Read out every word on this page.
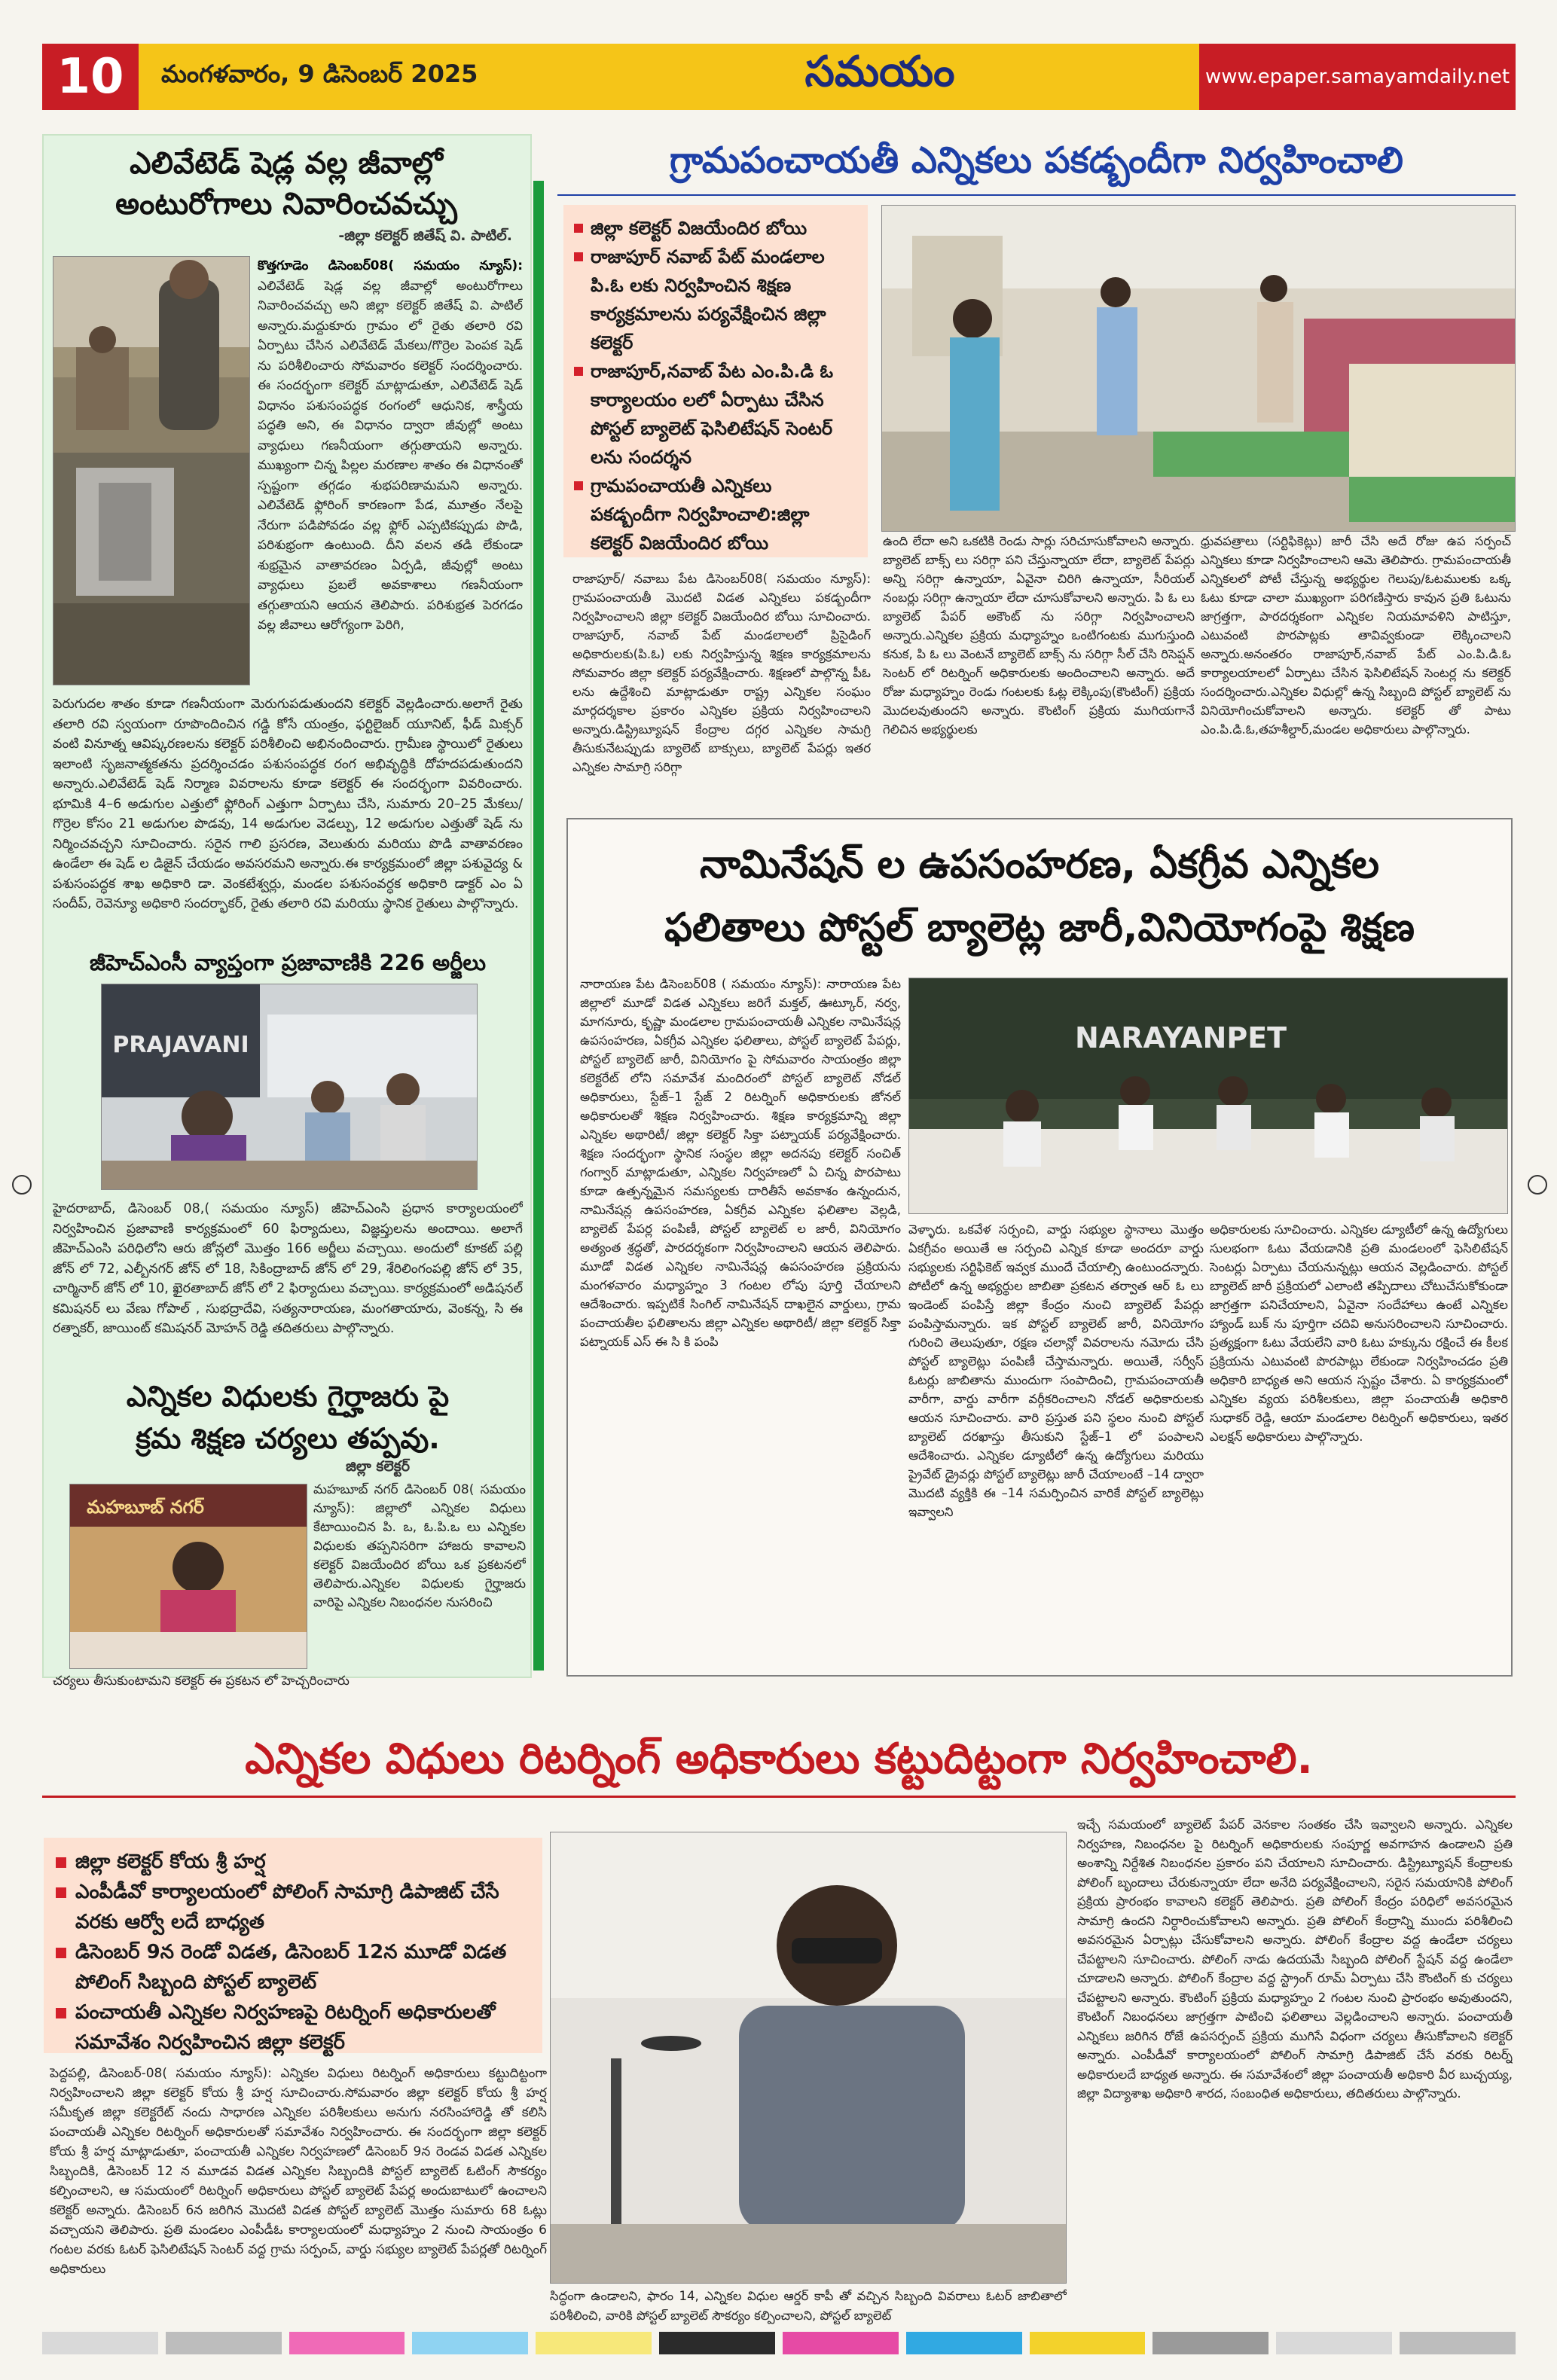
10	మంగళవారం, 9 డిసెంబర్ 2025	సమయం	www.epaper.samayamdaily.net
ఎలివేటెడ్ షెడ్ల వల్ల జీవాల్లో
అంటురోగాలు నివారించవచ్చు
-జిల్లా కలెక్టర్ జితేష్ వి. పాటిల్.
కొత్తగూడెం డిసెంబర్08( సమయం న్యూస్): ఎలివేటెడ్ షెడ్ల వల్ల జీవాల్లో అంటురోగాలు నివారించవచ్చు అని జిల్లా కలెక్టర్ జితేష్ వి. పాటిల్ అన్నారు.మద్దుకూరు గ్రామం లో రైతు తలారి రవి ఏర్పాటు చేసిన ఎలివేటెడ్ మేకలు/గొర్రెల పెంపక షెడ్ ను పరిశీలించారు సోమవారం కలెక్టర్ సందర్శించారు. ఈ సందర్భంగా కలెక్టర్ మాట్లాడుతూ, ఎలివేటెడ్ షెడ్ విధానం పశుసంపద్ధక రంగంలో ఆధునిక, శాస్త్రీయ పద్ధతి అని, ఈ విధానం ద్వారా జీవుల్లో అంటు వ్యాధులు గణనీయంగా తగ్గుతాయని అన్నారు. ముఖ్యంగా చిన్న పిల్లల మరణాల శాతం ఈ విధానంతో స్పష్టంగా తగ్గడం శుభపరిణామమని అన్నారు. ఎలివేటెడ్ ఫ్లోరింగ్ కారణంగా పేడ, మూత్రం నేలపై నేరుగా పడిపోవడం వల్ల ఫ్లోర్ ఎప్పటికప్పుడు పొడి, పరిశుభ్రంగా ఉంటుంది. దీని వలన తడి లేకుండా శుభ్రమైన వాతావరణం ఏర్పడి, జీవుల్లో అంటు వ్యాధులు ప్రబలే అవకాశాలు గణనీయంగా తగ్గుతాయని ఆయన తెలిపారు. పరిశుభ్రత పెరగడం వల్ల జీవాలు ఆరోగ్యంగా పెరిగి,
పెరుగుదల శాతం కూడా గణనీయంగా మెరుగుపడుతుందని కలెక్టర్ వెల్లడించారు.అలాగే రైతు తలారి రవి స్వయంగా రూపొందించిన గడ్డి కోసే యంత్రం, ఫర్టిలైజర్ యూనిట్, ఫీడ్ మిక్సర్ వంటి వినూత్న ఆవిష్కరణలను కలెక్టర్ పరిశీలించి అభినందించారు. గ్రామీణ స్థాయిలో రైతులు ఇలాంటి సృజనాత్మకతను ప్రదర్శించడం పశుసంపద్ధక రంగ అభివృద్ధికి దోహదపడుతుందని అన్నారు.ఎలివేటెడ్ షెడ్ నిర్మాణ వివరాలను కూడా కలెక్టర్ ఈ సందర్భంగా వివరించారు. భూమికి 4–6 అడుగుల ఎత్తులో ఫ్లోరింగ్ ఎత్తుగా ఏర్పాటు చేసి, సుమారు 20–25 మేకలు/గొర్రెల కోసం 21 అడుగుల పొడవు, 14 అడుగుల వెడల్పు, 12 అడుగుల ఎత్తుతో షెడ్ ను నిర్మించవచ్చని సూచించారు. సరైన గాలి ప్రసరణ, వెలుతురు మరియు పొడి వాతావరణం ఉండేలా ఈ షెడ్ ల డిజైన్ చేయడం అవసరమని అన్నారు.ఈ కార్యక్రమంలో జిల్లా పశువైద్య & పశుసంపద్ధక శాఖ అధికారి డా. వెంకటేశ్వర్లు, మండల పశుసంవర్ధక అధికారి డాక్టర్ ఎం ఏ సందీప్, రెవెన్యూ అధికారి సందర్భాకర్, రైతు తలారి రవి మరియు స్థానిక రైతులు పాల్గొన్నారు.
జీహెచ్ఎంసీ వ్యాప్తంగా ప్రజావాణికి 226 అర్జీలు
PRAJAVANI
హైదరాబాద్, డిసెంబర్ 08,( సమయం న్యూస్) జీహెచ్ఎంసి ప్రధాన కార్యాలయంలో నిర్వహించిన ప్రజావాణి కార్యక్రమంలో 60 ఫిర్యాదులు, విజ్ఞప్తులను అందాయి. అలాగే జీహెచ్ఎంసి పరిధిలోని ఆరు జోన్లలో మొత్తం 166 అర్జీలు వచ్చాయి. అందులో కూకట్ పల్లి జోన్ లో 72, ఎల్బీనగర్ జోన్ లో 18, సికింద్రాబాద్ జోన్ లో 29, శేరిలింగంపల్లి జోన్ లో 35, చార్మినార్ జోన్ లో 10, ఖైరతాబాద్ జోన్ లో 2 ఫిర్యాదులు వచ్చాయి. కార్యక్రమంలో అడిషనల్ కమిషనర్ లు వేణు గోపాల్ , సుభద్రాదేవి, సత్యనారాయణ, మంగతాయారు, వెంకన్న, సి ఈ రత్నాకర్, జాయింట్ కమిషనర్ మోహన్ రెడ్డి తదితరులు పాల్గొన్నారు.
ఎన్నికల విధులకు గైర్హాజరు పై
క్రమ శిక్షణ చర్యలు తప్పవు.
జిల్లా కలెక్టర్
మహబూబ్ నగర్
మహబూబ్ నగర్ డిసెంబర్ 08( సమయం న్యూస్): జిల్లాలో ఎన్నికల విధులు కేటాయించిన పి. ఒ, ఓ.పి.ఒ లు ఎన్నికల విధులకు తప్పనిసరిగా హాజరు కావాలని కలెక్టర్ విజయేందిర బోయి ఒక ప్రకటనలో తెలిపారు.ఎన్నికల విధులకు గైర్హాజరు వారిపై ఎన్నికల నిబంధనల నుసరించి
చర్యలు తీసుకుంటామని కలెక్టర్ ఈ ప్రకటన లో హెచ్చరించారు
గ్రామపంచాయతీ ఎన్నికలు పకడ్బందీగా నిర్వహించాలి
జిల్లా కలెక్టర్ విజయేందిర బోయి
రాజాపూర్ నవాబ్ పేట్ మండలాల పి.ఓ లకు నిర్వహించిన శిక్షణ కార్యక్రమాలను పర్యవేక్షించిన జిల్లా కలెక్టర్
రాజాపూర్,నవాబ్ పేట ఎం.పి.డి ఓ కార్యాలయం లలో ఏర్పాటు చేసిన పోస్టల్ బ్యాలెట్ ఫెసిలిటేషన్ సెంటర్ లను సందర్శన
గ్రామపంచాయతీ ఎన్నికలు పకడ్బందీగా నిర్వహించాలి:జిల్లా కలెక్టర్ విజయేందిర బోయి
రాజాపూర్/ నవాబు పేట డిసెంబర్08( సమయం న్యూస్): గ్రామపంచాయతీ మొదటి విడత ఎన్నికలు పకడ్బందీగా నిర్వహించాలని జిల్లా కలెక్టర్ విజయేందిర బోయి సూచించారు. రాజాపూర్, నవాబ్ పేట్ మండలాలలో ప్రిసైడింగ్ అధికారులకు(పి.ఓ) లకు నిర్వహిస్తున్న శిక్షణ కార్యక్రమాలను సోమవారం జిల్లా కలెక్టర్ పర్యవేక్షించారు. శిక్షణలో పాల్గొన్న పీఓ లను ఉద్దేశించి మాట్లాడుతూ రాష్ట్ర ఎన్నికల సంఘం మార్గదర్శకాల ప్రకారం ఎన్నికల ప్రక్రియ నిర్వహించాలని అన్నారు.డిస్ట్రిబ్యూషన్ కేంద్రాల దగ్గర ఎన్నికల సామగ్రి తీసుకునేటప్పుడు బ్యాలెట్ బాక్సులు, బ్యాలెట్ పేపర్లు ఇతర ఎన్నికల సామాగ్రి సరిగ్గా
ఉంది లేదా అని ఒకటికి రెండు సార్లు సరిచూసుకోవాలని అన్నారు. బ్యాలెట్ బాక్స్ లు సరిగ్గా పని చేస్తున్నాయా లేదా, బ్యాలెట్ పేపర్లు అన్ని సరిగ్గా ఉన్నాయా, ఏవైనా చిరిగి ఉన్నాయా, సీరియల్ నంబర్లు సరిగ్గా ఉన్నాయా లేదా చూసుకోవాలని అన్నారు. పి ఓ లు బ్యాలెట్ పేపర్ అకౌంట్ ను సరిగ్గా నిర్వహించాలని అన్నారు.ఎన్నికల ప్రక్రియ మధ్యాహ్నం ఒంటిగంటకు ముగుస్తుంది కనుక, పి ఓ లు వెంటనే బ్యాలెట్ బాక్స్ ను సరిగ్గా సీల్ చేసి రిసెప్షన్ సెంటర్ లో రిటర్నింగ్ అధికారులకు అందించాలని అన్నారు. అదే రోజు మధ్యాహ్నం రెండు గంటలకు ఓట్ల లెక్కింపు(కౌంటింగ్) ప్రక్రియ మొదలవుతుందని అన్నారు. కౌంటింగ్ ప్రక్రియ ముగియగానే గెలిచిన అభ్యర్థులకు
ధ్రువపత్రాలు (సర్టిఫికెట్లు) జారీ చేసి అదే రోజు ఉప సర్పంచ్ ఎన్నికలు కూడా నిర్వహించాలని ఆమె తెలిపారు. గ్రామపంచాయతీ ఎన్నికలలో పోటీ చేస్తున్న అభ్యర్థుల గెలుపు/ఓటములకు ఒక్క ఓటు కూడా చాలా ముఖ్యంగా పరిగణిస్తారు కావున ప్రతి ఓటును జాగ్రత్తగా, పారదర్శకంగా ఎన్నికల నియమావళిని పాటిస్తూ, ఎటువంటి పొరపాట్లకు తావివ్వకుండా లెక్కించాలని అన్నారు.అనంతరం రాజాపూర్,నవాబ్ పేట్ ఎం.పి.డి.ఓ కార్యాలయాలలో ఏర్పాటు చేసిన ఫెసిలిటేషన్ సెంటర్ల ను కలెక్టర్ సందర్శించారు.ఎన్నికల విధుల్లో ఉన్న సిబ్బంది పోస్టల్ బ్యాలెట్ ను వినియోగించుకోవాలని అన్నారు. కలెక్టర్ తో పాటు ఎం.పి.డి.ఓ,తహశీల్దార్,మండల అధికారులు పాల్గొన్నారు.
నామినేషన్ ల ఉపసంహరణ, ఏకగ్రీవ ఎన్నికల
ఫలితాలు పోస్టల్ బ్యాలెట్ల జారీ,వినియోగంపై శిక్షణ
నారాయణ పేట డిసెంబర్08 ( సమయం న్యూస్): నారాయణ పేట జిల్లాలో మూడో విడత ఎన్నికలు జరిగే మక్తల్, ఊట్కూర్, నర్వ, మాగనూరు, కృష్ణా మండలాల గ్రామపంచాయతీ ఎన్నికల నామినేషన్ల ఉపసంహరణ, ఏకగ్రీవ ఎన్నికల ఫలితాలు, పోస్టల్ బ్యాలెట్ పేపర్లు, పోస్టల్ బ్యాలెట్ జారీ, వినియోగం పై సోమవారం సాయంత్రం జిల్లా కలెక్టరేట్ లోని సమావేశ మందిరంలో పోస్టల్ బ్యాలెట్ నోడల్ అధికారులు, స్టేజ్–1 స్టేజ్ 2 రిటర్నింగ్ అధికారులకు జోనల్ అధికారులతో శిక్షణ నిర్వహించారు. శిక్షణ కార్యక్రమాన్ని జిల్లా ఎన్నికల అథారిటీ/ జిల్లా కలెక్టర్ సిక్తా పట్నాయక్ పర్యవేక్షించారు. శిక్షణ సందర్భంగా స్థానిక సంస్థల జిల్లా అదనపు కలెక్టర్ సంచిత్ గంగ్వార్ మాట్లాడుతూ, ఎన్నికల నిర్వహణలో ఏ చిన్న పొరపాటు కూడా ఉత్పన్నమైన సమస్యలకు దారితీసే అవకాశం ఉన్నందున, నామినేషన్ల ఉపసంహరణ, ఏకగ్రీవ ఎన్నికల ఫలితాల వెల్లడి, బ్యాలెట్ పేపర్ల పంపిణీ, పోస్టల్ బ్యాలెట్ ల జారీ, వినియోగం అత్యంత శ్రద్ధతో, పారదర్శకంగా నిర్వహించాలని ఆయన తెలిపారు. మూడో విడత ఎన్నికల నామినేషన్ల ఉపసంహరణ ప్రక్రియను మంగళవారం మధ్యాహ్నం 3 గంటల లోపు పూర్తి చేయాలని ఆదేశించారు. ఇప్పటికే సింగిల్ నామినేషన్ దాఖలైన వార్డులు, గ్రామ పంచాయతీల ఫలితాలను జిల్లా ఎన్నికల అథారిటీ/ జిల్లా కలెక్టర్ సిక్తా పట్నాయక్ ఎస్ ఈ సి కి పంపి
NARAYANPET
వెళ్ళారు. ఒకవేళ సర్పంచి, వార్డు సభ్యుల స్థానాలు మొత్తం ఏకగ్రీవం అయితే ఆ సర్పంచి ఎన్నిక కూడా అందరూ వార్డు సభ్యులకు సర్టిఫికెట్ ఇవ్వక ముందే చేయాల్సి ఉంటుందన్నారు. పోటీలో ఉన్న అభ్యర్థుల జాబితా ప్రకటన తర్వాత ఆర్ ఓ లు ఇండెంట్ పంపిస్తే జిల్లా కేంద్రం నుంచి బ్యాలెట్ పేపర్లు పంపిస్తామన్నారు. ఇక పోస్టల్ బ్యాలెట్ జారీ, వినియోగం గురించి తెలుపుతూ, రక్షణ చలాన్లో వివరాలను నమోదు చేసి పోస్టల్ బ్యాలెట్లు పంపిణీ చేస్తామన్నారు. అయితే, సర్వీస్ ఓటర్లు జాబితాను ముందుగా సంపాదించి, గ్రామపంచాయతీ వారీగా, వార్డు వారీగా వర్గీకరించాలని నోడల్ అధికారులకు ఆయన సూచించారు. వారి ప్రస్తుత పని స్థలం నుంచి పోస్టల్ బ్యాలెట్ దరఖాస్తు తీసుకుని స్టేజ్–1 లో పంపాలని ఆదేశించారు. ఎన్నికల డ్యూటీలో ఉన్న ఉద్యోగులు మరియు ప్రైవేట్ డ్రైవర్లు పోస్టల్ బ్యాలెట్లు జారీ చేయాలంటే –14 ద్వారా మొదటి వ్యక్తికి ఈ –14 సమర్పించిన వారికే పోస్టల్ బ్యాలెట్లు ఇవ్వాలని
అధికారులకు సూచించారు. ఎన్నికల డ్యూటీలో ఉన్న ఉద్యోగులు సులభంగా ఓటు వేయడానికి ప్రతి మండలంలో ఫెసిలిటేషన్ సెంటర్లు ఏర్పాటు చేయనున్నట్లు ఆయన వెల్లడించారు. పోస్టల్ బ్యాలెట్ జారీ ప్రక్రియలో ఎలాంటి తప్పిదాలు చోటుచేసుకోకుండా జాగ్రత్తగా పనిచేయాలని, ఏవైనా సందేహాలు ఉంటే ఎన్నికల హ్యాండ్ బుక్ ను పూర్తిగా చదివి అనుసరించాలని సూచించారు. ప్రత్యక్షంగా ఓటు వేయలేని వారి ఓటు హక్కును రక్షించే ఈ కీలక ప్రక్రియను ఎటువంటి పొరపాట్లు లేకుండా నిర్వహించడం ప్రతి అధికారి బాధ్యత అని ఆయన స్పష్టం చేశారు. ఏ కార్యక్రమంలో ఎన్నికల వ్యయ పరిశీలకులు, జిల్లా పంచాయతీ అధికారి సుధాకర్ రెడ్డి, ఆయా మండలాల రిటర్నింగ్ అధికారులు, ఇతర ఎలక్షన్ అధికారులు పాల్గొన్నారు.
ఎన్నికల విధులు రిటర్నింగ్ అధికారులు కట్టుదిట్టంగా నిర్వహించాలి.
జిల్లా కలెక్టర్ కోయ శ్రీ హర్ష
ఎంపీడీవో కార్యాలయంలో పోలింగ్ సామాగ్రి డిపాజిట్ చేసే వరకు ఆర్వో లదే బాధ్యత
డిసెంబర్ 9న రెండో విడత, డిసెంబర్ 12న మూడో విడత పోలింగ్ సిబ్బంది పోస్టల్ బ్యాలెట్
పంచాయతీ ఎన్నికల నిర్వహణపై రిటర్నింగ్ అధికారులతో సమావేశం నిర్వహించిన జిల్లా కలెక్టర్
పెద్దపల్లి, డిసెంబర్-08( సమయం న్యూస్): ఎన్నికల విధులు రిటర్నింగ్ అధికారులు కట్టుదిట్టంగా నిర్వహించాలని జిల్లా కలెక్టర్ కోయ శ్రీ హర్ష సూచించారు.సోమవారం జిల్లా కలెక్టర్ కోయ శ్రీ హర్ష సమీకృత జిల్లా కలెక్టరేట్ నందు సాధారణ ఎన్నికల పరిశీలకులు అనుగు నరసింహారెడ్డి తో కలిసి పంచాయతీ ఎన్నికల రిటర్నింగ్ అధికారులతో సమావేశం నిర్వహించారు. ఈ సందర్భంగా జిల్లా కలెక్టర్ కోయ శ్రీ హర్ష మాట్లాడుతూ, పంచాయతీ ఎన్నికల నిర్వహణలో డిసెంబర్ 9న రెండవ విడత ఎన్నికల సిబ్బందికి, డిసెంబర్ 12 న మూడవ విడత ఎన్నికల సిబ్బందికి పోస్టల్ బ్యాలెట్ ఓటింగ్ సౌకర్యం కల్పించాలని, ఆ సమయంలో రిటర్నింగ్ అధికారులు పోస్టల్ బ్యాలెట్ పేపర్ల అందుబాటులో ఉంచాలని కలెక్టర్ అన్నారు. డిసెంబర్ 6న జరిగిన మొదటి విడత పోస్టల్ బ్యాలెట్ మొత్తం సుమారు 68 ఓట్లు వచ్చాయని తెలిపారు. ప్రతి మండలం ఎంపీడీఓ కార్యాలయంలో మధ్యాహ్నం 2 నుంచి సాయంత్రం 6 గంటల వరకు ఓటర్ ఫెసిలిటేషన్ సెంటర్ వద్ద గ్రామ సర్పంచ్, వార్డు సభ్యుల బ్యాలెట్ పేపర్లతో రిటర్నింగ్ అధికారులు
సిద్ధంగా ఉండాలని, ఫారం 14, ఎన్నికల విధుల ఆర్డర్ కాపీ తో వచ్చిన సిబ్బంది వివరాలు ఓటర్ జాబితాలో పరిశీలించి, వారికి పోస్టల్ బ్యాలెట్ సౌకర్యం కల్పించాలని, పోస్టల్ బ్యాలెట్
ఇచ్చే సమయంలో బ్యాలెట్ పేపర్ వెనకాల సంతకం చేసి ఇవ్వాలని అన్నారు. ఎన్నికల నిర్వహణ, నిబంధనల పై రిటర్నింగ్ అధికారులకు సంపూర్ణ అవగాహన ఉండాలని ప్రతి అంశాన్ని నిర్దేశిత నిబంధనల ప్రకారం పని చేయాలని సూచించారు. డిస్ట్రిబ్యూషన్ కేంద్రాలకు పోలింగ్ బృందాలు చేరుకున్నాయా లేదా అనేది పర్యవేక్షించాలని, సరైన సమయానికి పోలింగ్ ప్రక్రియ ప్రారంభం కావాలని కలెక్టర్ తెలిపారు. ప్రతి పోలింగ్ కేంద్రం పరిధిలో అవసరమైన సామాగ్రి ఉందని నిర్ధారించుకోవాలని అన్నారు. ప్రతి పోలింగ్ కేంద్రాన్ని ముందు పరిశీలించి అవసరమైన ఏర్పాట్లు చేసుకోవాలని అన్నారు. పోలింగ్ కేంద్రాల వద్ద ఉండేలా చర్యలు చేపట్టాలని సూచించారు. పోలింగ్ నాడు ఉదయమే సిబ్బంది పోలింగ్ స్టేషన్ వద్ద ఉండేలా చూడాలని అన్నారు. పోలింగ్ కేంద్రాల వద్ద స్ట్రాంగ్ రూమ్ ఏర్పాటు చేసి కౌంటింగ్ కు చర్యలు చేపట్టాలని అన్నారు. కౌంటింగ్ ప్రక్రియ మధ్యాహ్నం 2 గంటల నుంచి ప్రారంభం అవుతుందని, కౌంటింగ్ నిబంధనలు జాగ్రత్తగా పాటించి ఫలితాలు వెల్లడించాలని అన్నారు. పంచాయతీ ఎన్నికలు జరిగిన రోజే ఉపసర్పంచ్ ప్రక్రియ ముగిసే విధంగా చర్యలు తీసుకోవాలని కలెక్టర్ అన్నారు. ఎంపీడీవో కార్యాలయంలో పోలింగ్ సామాగ్రి డిపాజిట్ చేసే వరకు రిటర్న్ అధికారులదే బాధ్యత అన్నారు. ఈ సమావేశంలో జిల్లా పంచాయతీ అధికారి వీర బుచ్చయ్య, జిల్లా విద్యాశాఖ అధికారి శారద, సంబంధిత అధికారులు, తదితరులు పాల్గొన్నారు.
